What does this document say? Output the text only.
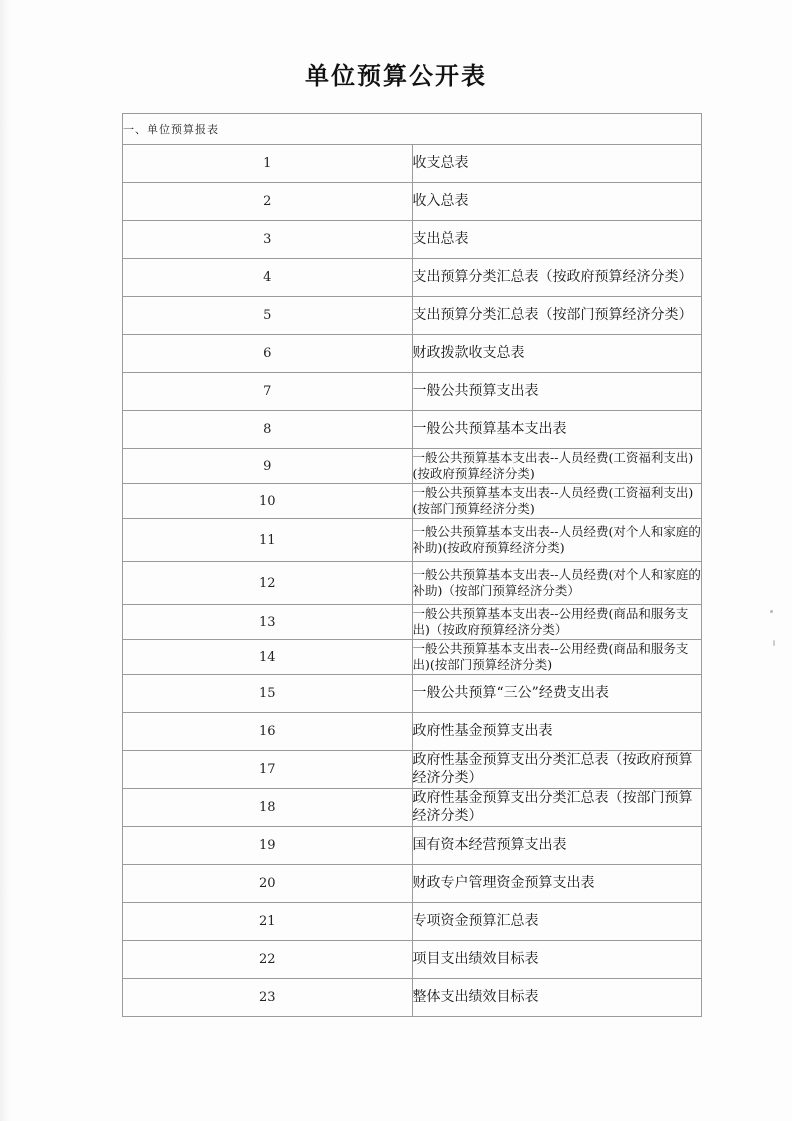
单位预算公开表
一、单位预算报表	
1	收支总表
2	收入总表
3	支出总表
4	支出预算分类汇总表（按政府预算经济分类）
5	支出预算分类汇总表（按部门预算经济分类）
6	财政拨款收支总表
7	一般公共预算支出表
8	一般公共预算基本支出表
9	一般公共预算基本支出表--人员经费(工资福利支出)(按政府预算经济分类)
10	一般公共预算基本支出表--人员经费(工资福利支出)(按部门预算经济分类)
11	一般公共预算基本支出表--人员经费(对个人和家庭的补助)(按政府预算经济分类)
12	一般公共预算基本支出表--人员经费(对个人和家庭的补助)（按部门预算经济分类）
13	一般公共预算基本支出表--公用经费(商品和服务支出)（按政府预算经济分类）
14	一般公共预算基本支出表--公用经费(商品和服务支出)(按部门预算经济分类)
15	一般公共预算“三公”经费支出表
16	政府性基金预算支出表
17	政府性基金预算支出分类汇总表（按政府预算经济分类）
18	政府性基金预算支出分类汇总表（按部门预算经济分类）
19	国有资本经营预算支出表
20	财政专户管理资金预算支出表
21	专项资金预算汇总表
22	项目支出绩效目标表
23	整体支出绩效目标表
